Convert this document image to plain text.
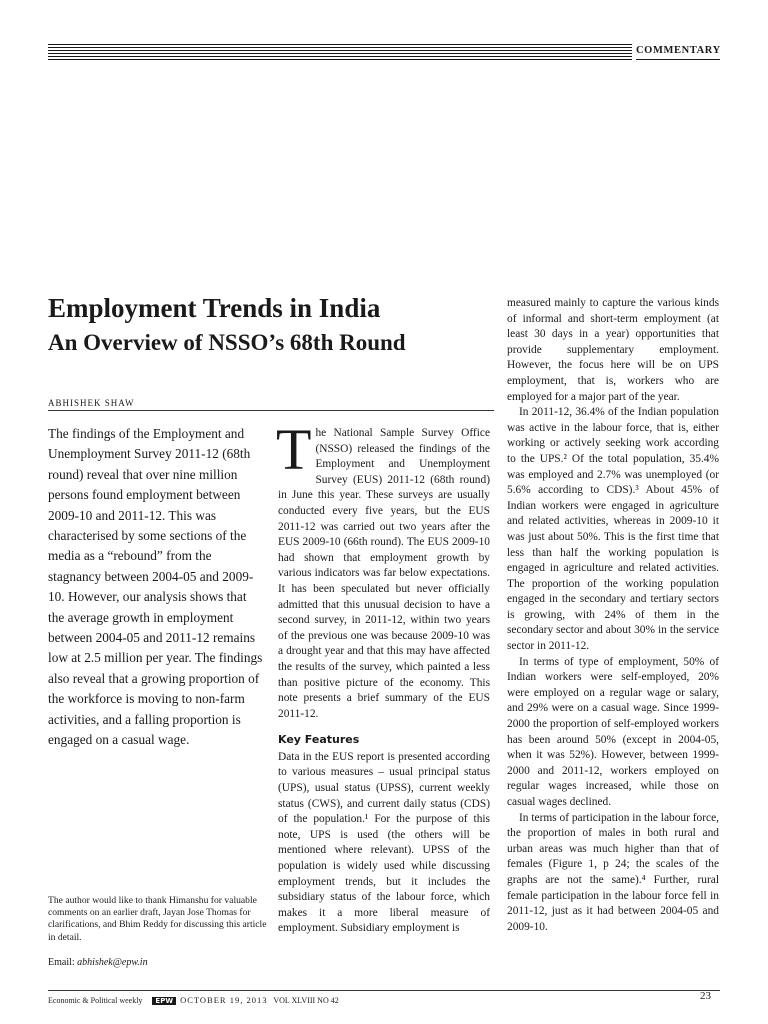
COMMENTARY
Employment Trends in India
An Overview of NSSO’s 68th Round
ABHISHEK SHAW

The findings of the Employment and Unemployment Survey 2011-12 (68th round) reveal that over nine million persons found employment between 2009-10 and 2011-12. This was characterised by some sections of the media as a “rebound” from the stagnancy between 2004-05 and 2009-10. However, our analysis shows that the average growth in employment between 2004-05 and 2011-12 remains low at 2.5 million per year. The findings also reveal that a growing proportion of the workforce is moving to non-farm activities, and a falling proportion is engaged on a casual wage.

The author would like to thank Himanshu for valuable comments on an earlier draft, Jayan Jose Thomas for clarifications, and Bhim Reddy for discussing this article in detail.

Email: abhishek@epw.in

The National Sample Survey Office (NSSO) released the findings of the Employment and Unemployment Survey (EUS) 2011-12 (68th round) in June this year. These surveys are usually conducted every five years, but the EUS 2011-12 was carried out two years after the EUS 2009-10 (66th round). The EUS 2009-10 had shown that employment growth by various indicators was far below expectations. It has been speculated but never officially admitted that this unusual decision to have a second survey, in 2011-12, within two years of the previous one was because 2009-10 was a drought year and that this may have affected the results of the survey, which painted a less than positive picture of the economy. This note presents a brief summary of the EUS 2011-12.

Key Features

Data in the EUS report is presented according to various measures – usual principal status (UPS), usual status (UPSS), current weekly status (CWS), and current daily status (CDS) of the population.¹ For the purpose of this note, UPS is used (the others will be mentioned where relevant). UPSS of the population is widely used while discussing employment trends, but it includes the subsidiary status of the labour force, which makes it a more liberal measure of employment. Subsidiary employment is

measured mainly to capture the various kinds of informal and short-term employment (at least 30 days in a year) opportunities that provide supplementary employment. However, the focus here will be on UPS employment, that is, workers who are employed for a major part of the year.

In 2011-12, 36.4% of the Indian population was active in the labour force, that is, either working or actively seeking work according to the UPS.² Of the total population, 35.4% was employed and 2.7% was unemployed (or 5.6% according to CDS).³ About 45% of Indian workers were engaged in agriculture and related activities, whereas in 2009-10 it was just about 50%. This is the first time that less than half the working population is engaged in agriculture and related activities. The proportion of the working population engaged in the secondary and tertiary sectors is growing, with 24% of them in the secondary sector and about 30% in the service sector in 2011-12.

In terms of type of employment, 50% of Indian workers were self-employed, 20% were employed on a regular wage or salary, and 29% were on a casual wage. Since 1999-2000 the proportion of self-employed workers has been around 50% (except in 2004-05, when it was 52%). However, between 1999-2000 and 2011-12, workers employed on regular wages increased, while those on casual wages declined.

In terms of participation in the labour force, the proportion of males in both rural and urban areas was much higher than that of females (Figure 1, p 24; the scales of the graphs are not the same).⁴ Further, rural female participation in the labour force fell in 2011-12, just as it had between 2004-05 and 2009-10.

Economic & Political weekly EPW OCTOBER 19, 2013 VOL XLVIII NO 42	23
